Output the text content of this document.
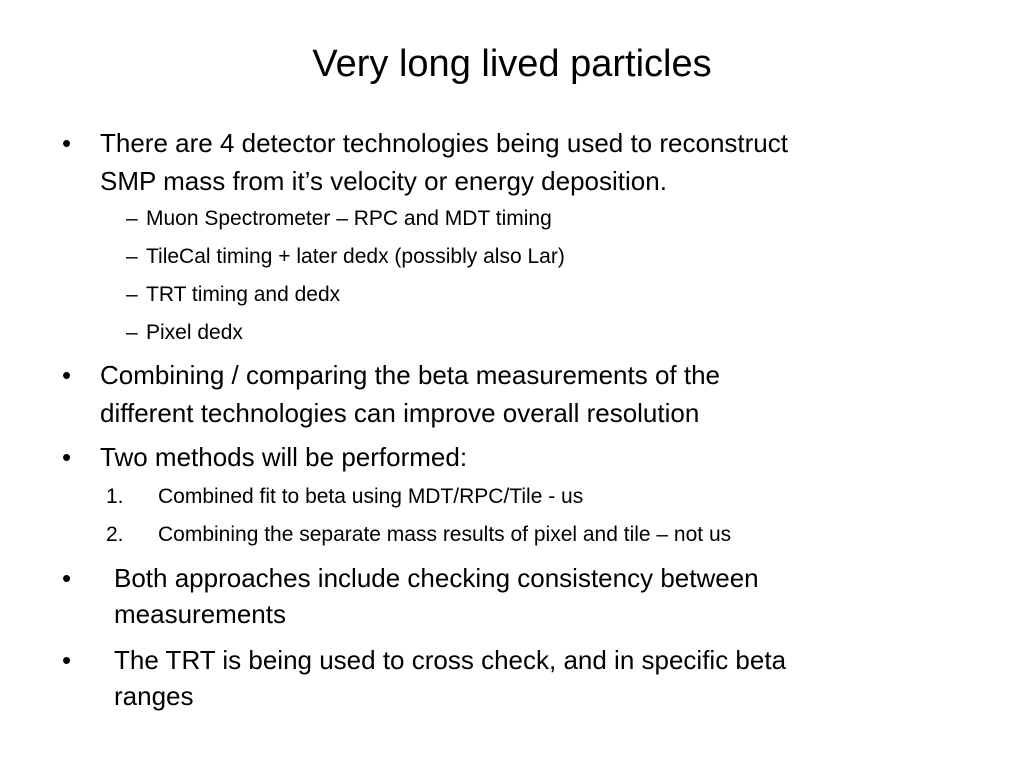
Very long lived particles
• There are 4 detector technologies being used to reconstruct
SMP mass from it’s velocity or energy deposition.
– Muon Spectrometer – RPC and MDT timing
– TileCal timing + later dedx (possibly also Lar)
– TRT timing and dedx
– Pixel dedx
• Combining / comparing the beta measurements of the
different technologies can improve overall resolution
• Two methods will be performed:
1. Combined fit to beta using MDT/RPC/Tile - us
2. Combining the separate mass results of pixel and tile – not us
• Both approaches include checking consistency between
measurements
• The TRT is being used to cross check, and in specific beta
ranges
